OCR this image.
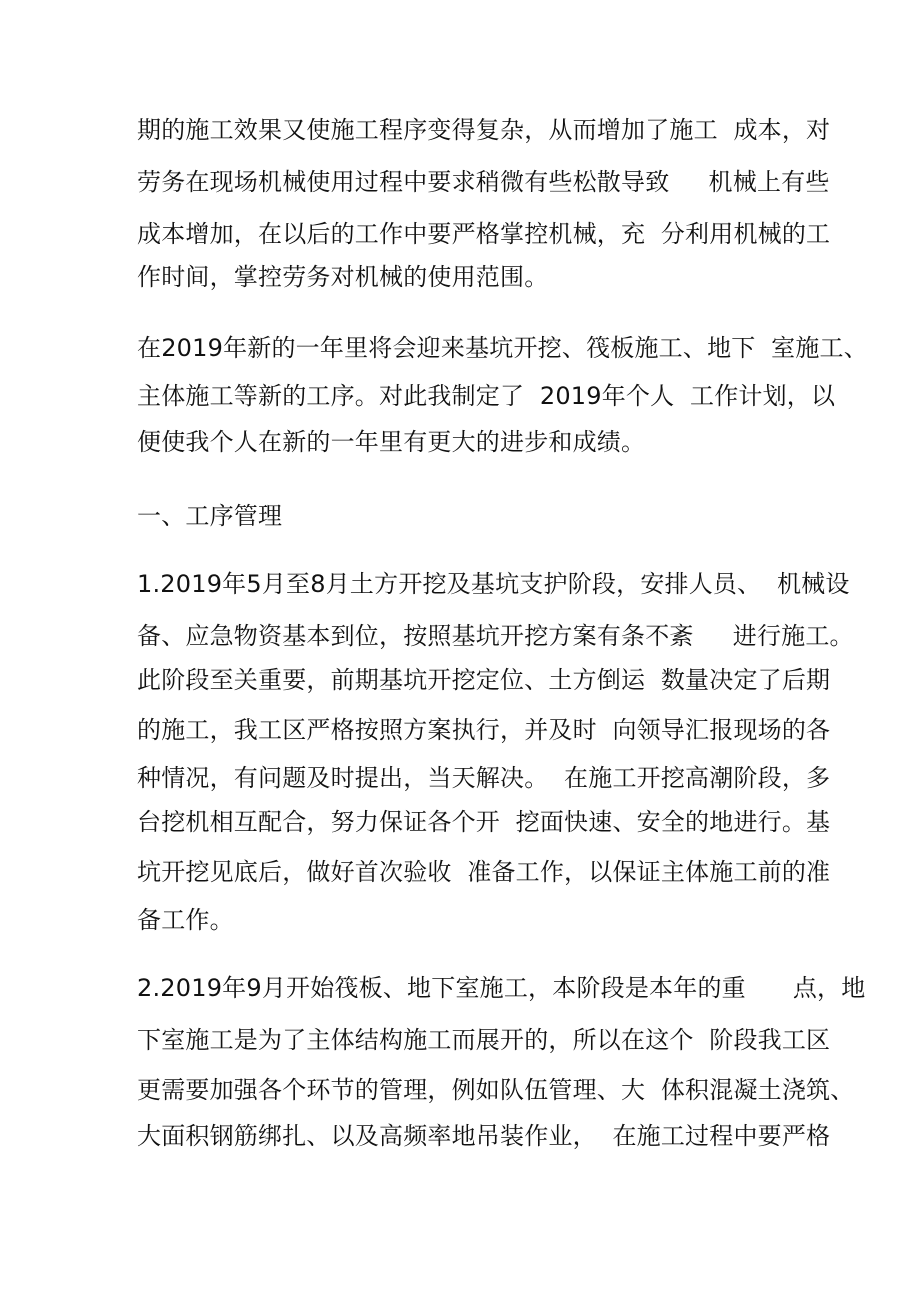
期的施工效果又使施工程序变得复杂，从而增加了施工  成本，对
劳务在现场机械使用过程中要求稍微有些松散导致     机械上有些
成本增加，在以后的工作中要严格掌控机械，充  分利用机械的工
作时间，掌控劳务对机械的使用范围。
在2019年新的一年里将会迎来基坑开挖、筏板施工、地下  室施工、
主体施工等新的工序。对此我制定了  2019年个人  工作计划，以
便使我个人在新的一年里有更大的进步和成绩。
一、工序管理
1.2019年5月至8月土方开挖及基坑支护阶段，安排人员、  机械设
备、应急物资基本到位，按照基坑开挖方案有条不紊     进行施工。
此阶段至关重要，前期基坑开挖定位、土方倒运  数量决定了后期
的施工，我工区严格按照方案执行，并及时  向领导汇报现场的各
种情况，有问题及时提出，当天解决。  在施工开挖高潮阶段，多
台挖机相互配合，努力保证各个开  挖面快速、安全的地进行。基
坑开挖见底后，做好首次验收  准备工作，以保证主体施工前的准
备工作。
2.2019年9月开始筏板、地下室施工，本阶段是本年的重      点，地
下室施工是为了主体结构施工而展开的，所以在这个  阶段我工区
更需要加强各个环节的管理，例如队伍管理、大  体积混凝土浇筑、
大面积钢筋绑扎、以及高频率地吊装作业，  在施工过程中要严格
